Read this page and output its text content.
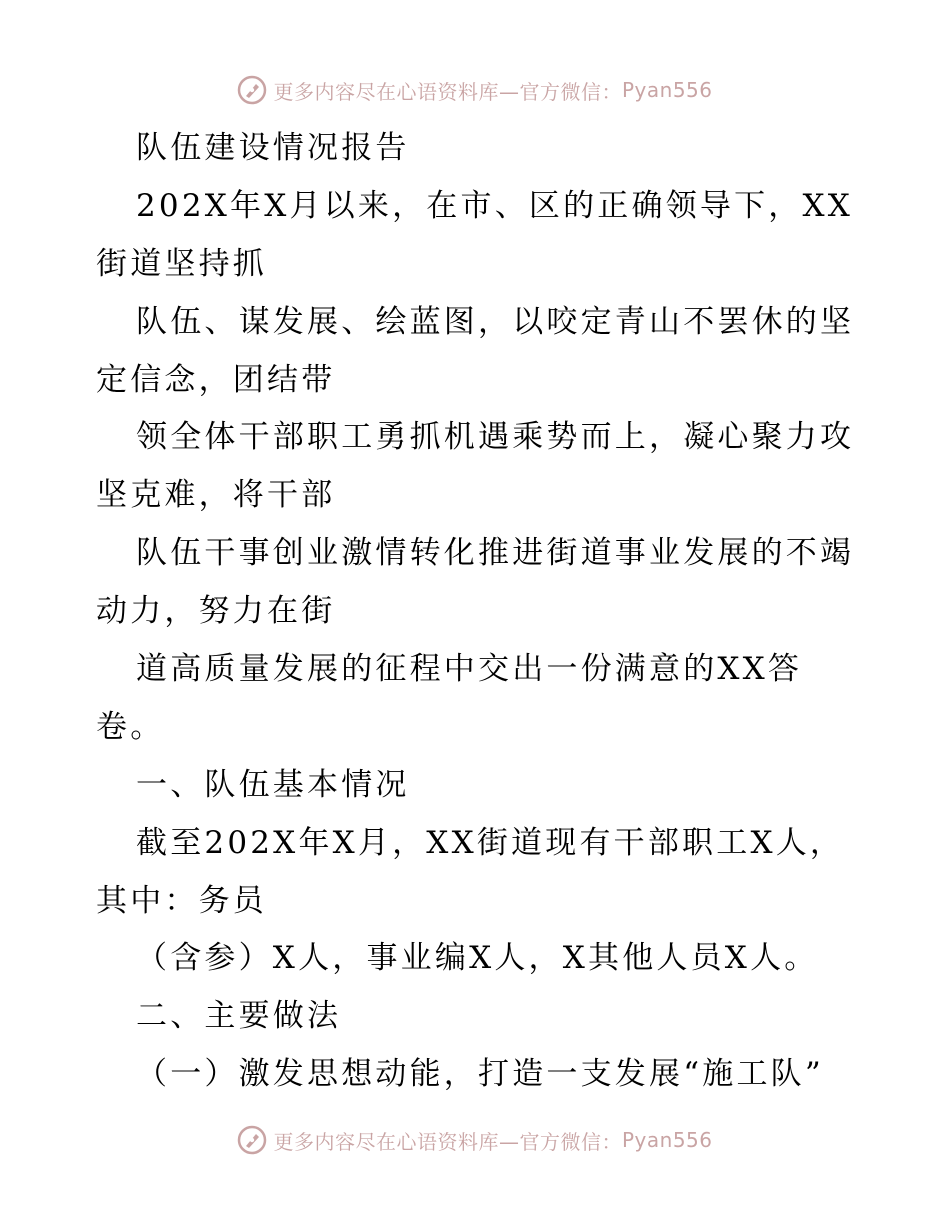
更多内容尽在心语资料库—官方微信： Pyan556
队伍建设情况报告
202X年X月以来，在市、区的正确领导下，XX
街道坚持抓
队伍、谋发展、绘蓝图，以咬定青山不罢休的坚
定信念，团结带
领全体干部职工勇抓机遇乘势而上，凝心聚力攻
坚克难，将干部
队伍干事创业激情转化推进街道事业发展的不竭
动力，努力在街
道高质量发展的征程中交出一份满意的XX答
卷。
一、队伍基本情况
截至202X年X月，XX街道现有干部职工X人，
其中：务员
（含参）X人，事业编X人，X其他人员X人。
二、主要做法
（一）激发思想动能，打造一支发展“施工队”
更多内容尽在心语资料库—官方微信： Pyan556
